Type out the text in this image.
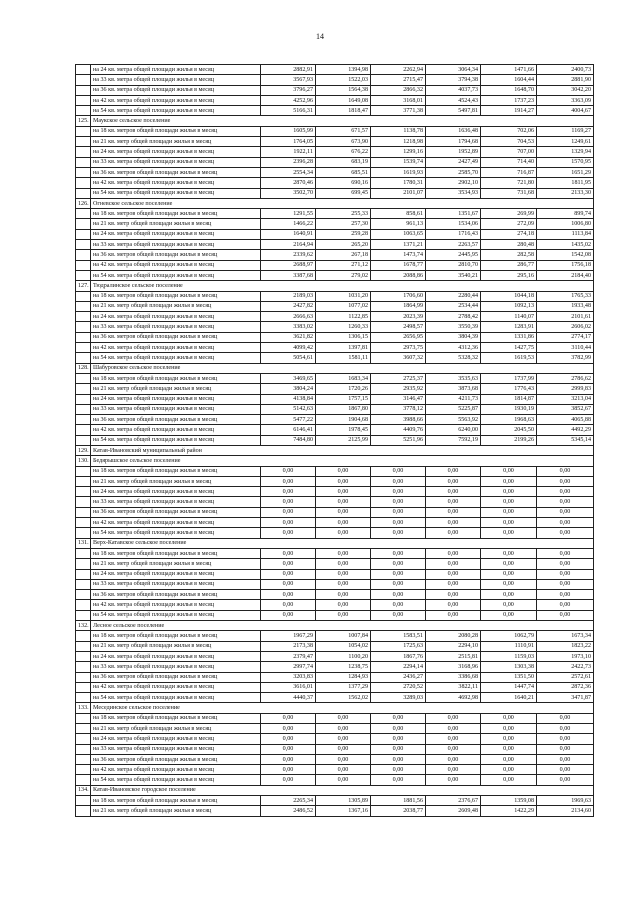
14
	на 24 кв. метра общей площади жилья в месяц	2882,91	1394,98	2262,94	3064,34	1471,66	2400,73
	на 33 кв. метра общей площади жилья в месяц	3567,93	1522,03	2715,47	3794,38	1604,44	2881,90
	на 36 кв. метра общей площади жилья в месяц	3796,27	1564,38	2866,32	4037,73	1648,70	3042,20
	на 42 кв. метра общей площади жилья в месяц	4252,96	1649,08	3168,01	4524,43	1737,23	3363,09
	на 54 кв. метра общей площади жилья в месяц	5166,31	1818,47	3771,38	5497,81	1914,27	4004,67
125.	Маукское сельское поселение						
	на 18 кв. метров общей площади жилья в месяц	1605,99	671,57	1138,78	1636,48	702,06	1169,27
	на 21 кв. метр общей площади жилья в месяц	1764,05	673,90	1218,98	1794,68	704,53	1249,61
	на 24 кв. метра общей площади жилья в месяц	1922,11	676,22	1299,16	1952,89	707,00	1329,94
	на 33 кв. метра общей площади жилья в месяц	2396,28	683,19	1539,74	2427,49	714,40	1570,95
	на 36 кв. метров общей площади жилья в месяц	2554,34	685,51	1619,93	2585,70	716,87	1651,29
	на 42 кв. метра общей площади жилья в месяц	2870,46	690,16	1780,31	2902,10	721,80	1811,95
	на 54 кв. метра общей площади жилья в месяц	3502,70	699,45	2101,07	3534,93	731,68	2133,30
126.	Огневское сельское поселение						
	на 18 кв. метров общей площади жилья в месяц	1291,55	255,33	858,61	1351,67	269,99	899,74
	на 21 кв. метр общей площади жилья в месяц	1466,22	257,30	961,13	1534,06	272,09	1006,80
	на 24 кв. метра общей площади жилья в месяц	1640,91	259,28	1063,65	1716,43	274,18	1113,84
	на 33 кв. метра общей площади жилья в месяц	2164,94	265,20	1371,21	2263,57	280,48	1435,02
	на 36 кв. метров общей площади жилья в месяц	2339,62	267,18	1473,74	2445,95	282,58	1542,08
	на 42 кв. метра общей площади жилья в месяц	2688,97	271,12	1678,77	2810,70	286,77	1756,18
	на 54 кв. метра общей площади жилья в месяц	3387,68	279,02	2088,86	3540,21	295,16	2184,40
127.	Тюдралинское сельское поселение						
	на 18 кв. метров общей площади жилья в месяц	2189,03	1031,20	1706,60	2280,44	1044,18	1765,33
	на 21 кв. метр общей площади жилья в месяц	2427,82	1077,02	1864,99	2534,44	1092,13	1933,48
	на 24 кв. метра общей площади жилья в месяц	2666,63	1122,85	2023,39	2788,42	1140,07	2101,61
	на 33 кв. метра общей площади жилья в месяц	3383,02	1260,33	2498,57	3550,39	1283,91	2606,02
	на 36 кв. метров общей площади жилья в месяц	3621,82	1306,15	2656,95	3804,39	1331,86	2774,17
	на 42 кв. метра общей площади жилья в месяц	4099,42	1397,81	2973,75	4312,36	1427,75	3110,44
	на 54 кв. метра общей площади жилья в месяц	5054,61	1581,11	3607,32	5328,32	1619,53	3782,99
128.	Шабуровское сельское поселение						
	на 18 кв. метров общей площади жилья в месяц	3469,65	1683,34	2725,37	3535,63	1737,99	2786,62
	на 21 кв. метр общей площади жилья в месяц	3804,24	1720,26	2935,92	3873,68	1776,43	2999,83
	на 24 кв. метра общей площади жилья в месяц	4138,84	1757,15	3146,47	4211,73	1814,87	3213,04
	на 33 кв. метра общей площади жилья в месяц	5142,63	1867,80	3778,12	5225,87	1930,19	3852,67
	на 36 кв. метров общей площади жилья в месяц	5477,22	1904,68	3988,66	5563,92	1968,63	4065,88
	на 42 кв. метра общей площади жилья в месяц	6146,41	1978,45	4409,76	6240,00	2045,50	4492,29
	на 54 кв. метра общей площади жилья в месяц	7484,80	2125,99	5251,96	7592,19	2199,26	5345,14
129.	Катав-Ивановский муниципальный район						
130.	Бедярышское сельское поселение						
	на 18 кв. метров общей площади жилья в месяц	0,00	0,00	0,00	0,00	0,00	0,00
	на 21 кв. метр общей площади жилья в месяц	0,00	0,00	0,00	0,00	0,00	0,00
	на 24 кв. метра общей площади жилья в месяц	0,00	0,00	0,00	0,00	0,00	0,00
	на 33 кв. метра общей площади жилья в месяц	0,00	0,00	0,00	0,00	0,00	0,00
	на 36 кв. метров общей площади жилья в месяц	0,00	0,00	0,00	0,00	0,00	0,00
	на 42 кв. метра общей площади жилья в месяц	0,00	0,00	0,00	0,00	0,00	0,00
	на 54 кв. метра общей площади жилья в месяц	0,00	0,00	0,00	0,00	0,00	0,00
131.	Верх-Катавское сельское поселение						
	на 18 кв. метров общей площади жилья в месяц	0,00	0,00	0,00	0,00	0,00	0,00
	на 21 кв. метр общей площади жилья в месяц	0,00	0,00	0,00	0,00	0,00	0,00
	на 24 кв. метра общей площади жилья в месяц	0,00	0,00	0,00	0,00	0,00	0,00
	на 33 кв. метра общей площади жилья в месяц	0,00	0,00	0,00	0,00	0,00	0,00
	на 36 кв. метров общей площади жилья в месяц	0,00	0,00	0,00	0,00	0,00	0,00
	на 42 кв. метра общей площади жилья в месяц	0,00	0,00	0,00	0,00	0,00	0,00
	на 54 кв. метра общей площади жилья в месяц	0,00	0,00	0,00	0,00	0,00	0,00
132.	Лесное сельское поселение						
	на 18 кв. метров общей площади жилья в месяц	1967,29	1007,84	1583,51	2080,28	1062,79	1673,34
	на 21 кв. метр общей площади жилья в месяц	2173,38	1054,02	1725,63	2294,10	1110,91	1823,22
	на 24 кв. метра общей площади жилья в месяц	2379,47	1100,20	1867,76	2515,81	1159,03	1973,10
	на 33 кв. метра общей площади жилья в месяц	2997,74	1238,75	2294,14	3168,96	1303,38	2422,73
	на 36 кв. метров общей площади жилья в месяц	3203,83	1284,93	2436,27	3386,68	1351,50	2572,61
	на 42 кв. метра общей площади жилья в месяц	3616,01	1377,29	2720,52	3822,11	1447,74	2872,36
	на 54 кв. метра общей площади жилья в месяц	4440,37	1562,02	3289,03	4692,98	1640,21	3471,87
133.	Месединское сельское поселение						
	на 18 кв. метров общей площади жилья в месяц	0,00	0,00	0,00	0,00	0,00	0,00
	на 21 кв. метр общей площади жилья в месяц	0,00	0,00	0,00	0,00	0,00	0,00
	на 24 кв. метра общей площади жилья в месяц	0,00	0,00	0,00	0,00	0,00	0,00
	на 33 кв. метра общей площади жилья в месяц	0,00	0,00	0,00	0,00	0,00	0,00
	на 36 кв. метров общей площади жилья в месяц	0,00	0,00	0,00	0,00	0,00	0,00
	на 42 кв. метра общей площади жилья в месяц	0,00	0,00	0,00	0,00	0,00	0,00
	на 54 кв. метра общей площади жилья в месяц	0,00	0,00	0,00	0,00	0,00	0,00
134.	Катав-Ивановское городское поселение						
	на 18 кв. метров общей площади жилья в месяц	2265,34	1305,89	1881,56	2376,67	1359,08	1969,63
	на 21 кв. метр общей площади жилья в месяц	2486,52	1367,16	2038,77	2609,48	1422,29	2134,60
